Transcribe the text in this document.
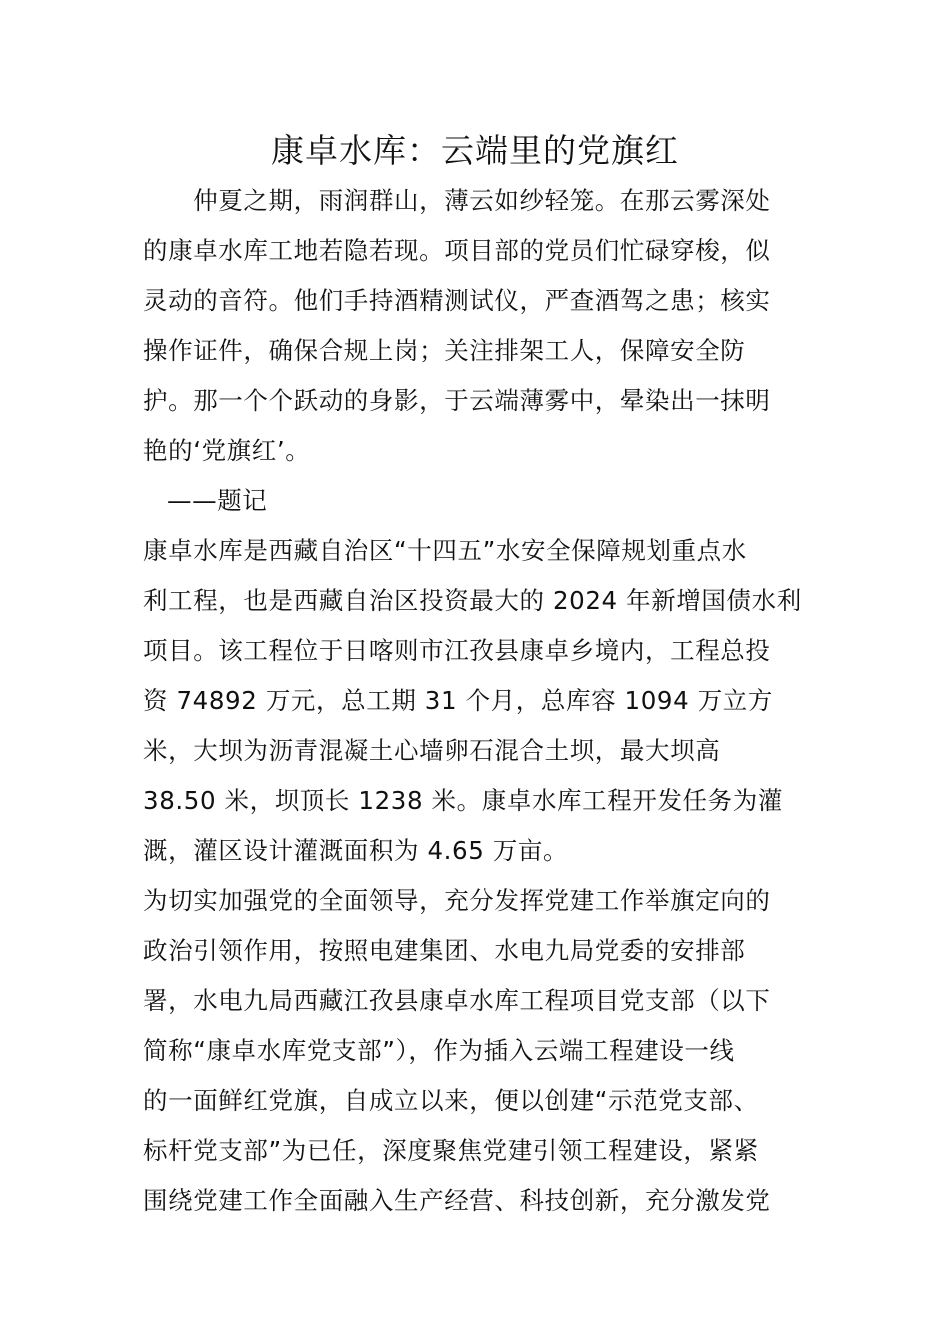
康卓水库：云端里的党旗红
　　仲夏之期，雨润群山，薄云如纱轻笼。在那云雾深处
的康卓水库工地若隐若现。项目部的党员们忙碌穿梭，似
灵动的音符。他们手持酒精测试仪，严查酒驾之患；核实
操作证件，确保合规上岗；关注排架工人，保障安全防
护。那一个个跃动的身影，于云端薄雾中，晕染出一抹明
艳的‘党旗红’。
——题记
康卓水库是西藏自治区“十四五”水安全保障规划重点水
利工程，也是西藏自治区投资最大的 2024 年新增国债水利
项目。该工程位于日喀则市江孜县康卓乡境内，工程总投
资 74892 万元，总工期 31 个月，总库容 1094 万立方
米，大坝为沥青混凝土心墙卵石混合土坝，最大坝高
38.50 米，坝顶长 1238 米。康卓水库工程开发任务为灌
溉，灌区设计灌溉面积为 4.65 万亩。
为切实加强党的全面领导，充分发挥党建工作举旗定向的
政治引领作用，按照电建集团、水电九局党委的安排部
署，水电九局西藏江孜县康卓水库工程项目党支部（以下
简称“康卓水库党支部”），作为插入云端工程建设一线
的一面鲜红党旗，自成立以来，便以创建“示范党支部、
标杆党支部”为已任，深度聚焦党建引领工程建设，紧紧
围绕党建工作全面融入生产经营、科技创新，充分激发党
